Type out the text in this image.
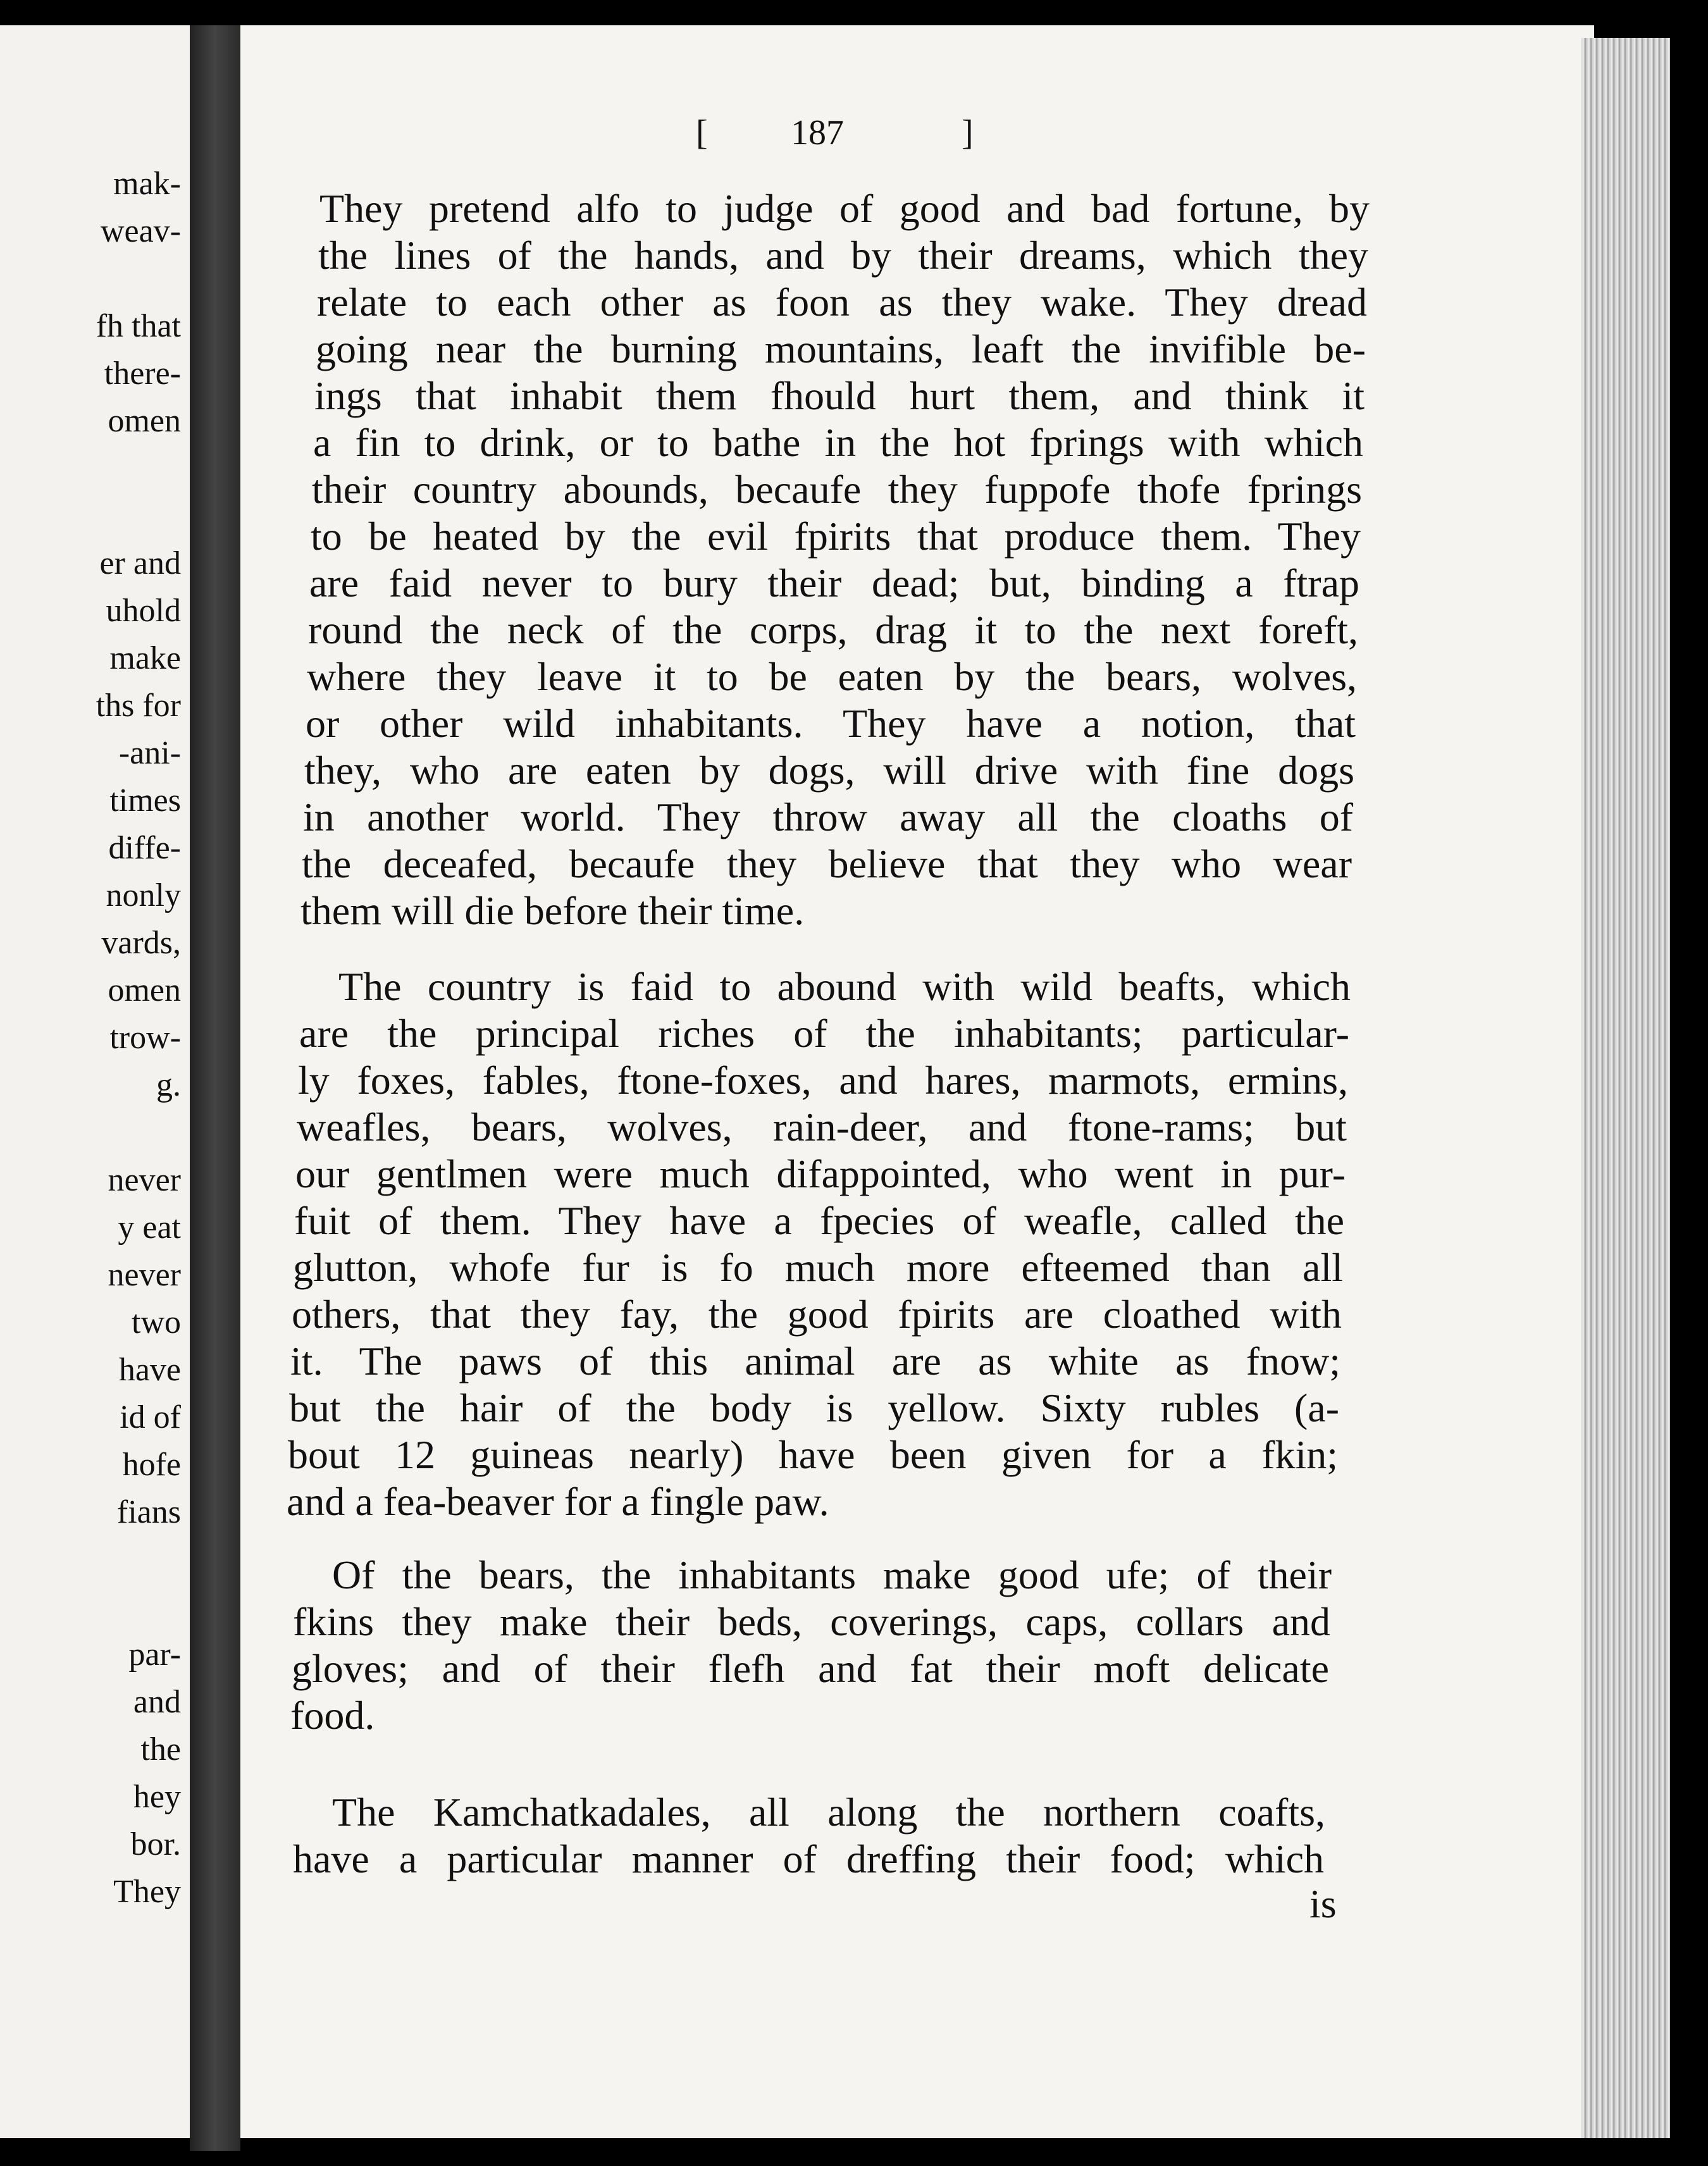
mak-
weav-
fh that
there-
omen
er and
uhold
make
ths for
-ani-
times
diffe-
nonly
vards,
omen
trow-
g.
never
y eat
never
two
have
id of
hofe
fians
par-
and
the
hey
bor.
They
[ 187	]
They pretend alfo to judge of good and bad fortune, by
the lines of the hands, and by their dreams, which they
relate to each other as foon as they wake. They dread
going near the burning mountains, leaft the invifible be-
ings that inhabit them fhould hurt them, and think it
a fin to drink, or to bathe in the hot fprings with which
their country abounds, becaufe they fuppofe thofe fprings
to be heated by the evil fpirits that produce them. They
are faid never to bury their dead; but, binding a ftrap
round the neck of the corps, drag it to the next foreft,
where they leave it to be eaten by the bears, wolves,
or other wild inhabitants. They have a notion, that
they, who are eaten by dogs, will drive with fine dogs
in another world. They throw away all the cloaths of
the deceafed, becaufe they believe that they who wear
them will die before their time.
The country is faid to abound with wild beafts, which
are the principal riches of the inhabitants; particular-
ly foxes, fables, ftone-foxes, and hares, marmots, ermins,
weafles, bears, wolves, rain-deer, and ftone-rams; but
our gentlmen were much difappointed, who went in pur-
fuit of them. They have a fpecies of weafle, called the
glutton, whofe fur is fo much more efteemed than all
others, that they fay, the good fpirits are cloathed with
it. The paws of this animal are as white as fnow;
but the hair of the body is yellow. Sixty rubles (a-
bout 12 guineas nearly) have been given for a fkin;
and a fea-beaver for a fingle paw.
Of the bears, the inhabitants make good ufe; of their
fkins they make their beds, coverings, caps, collars and
gloves; and of their flefh and fat their moft delicate
food.
The Kamchatkadales, all along the northern coafts,
have a particular manner of dreffing their food; which
is
